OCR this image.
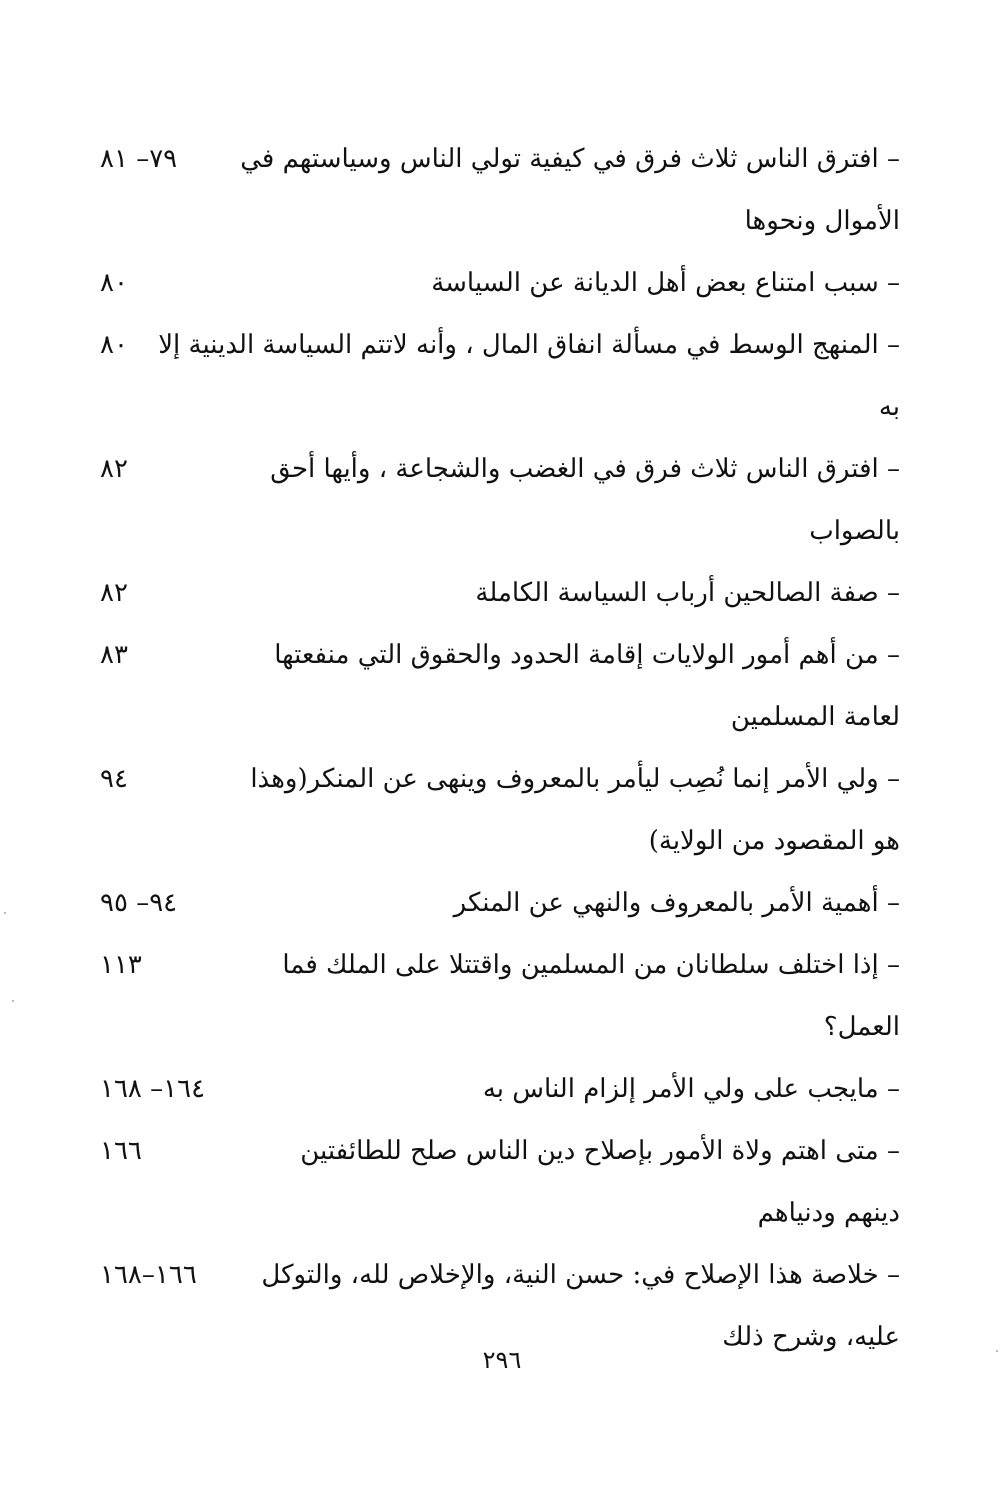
– افترق الناس ثلاث فرق في كيفية تولي الناس وسياستهم في الأموال ونحوها
٧٩– ٨١
– سبب امتناع بعض أهل الديانة عن السياسة
٨٠
– المنهج الوسط في مسألة انفاق المال ، وأنه لاتتم السياسة الدينية إلا به
٨٠
– افترق الناس ثلاث فرق في الغضب والشجاعة ، وأيها أحق بالصواب
٨٢
– صفة الصالحين أرباب السياسة الكاملة
٨٢
– من أهم أمور الولايات إقامة الحدود والحقوق التي منفعتها لعامة المسلمين
٨٣
– ولي الأمر إنما نُصِب ليأمر بالمعروف وينهى عن المنكر(وهذا هو المقصود من الولاية)
٩٤
– أهمية الأمر بالمعروف والنهي عن المنكر
٩٤– ٩٥
– إذا اختلف سلطانان من المسلمين واقتتلا على الملك فما العمل؟
١١٣
– مايجب على ولي الأمر إلزام الناس به
١٦٤– ١٦٨
– متى اهتم ولاة الأمور بإصلاح دين الناس صلح للطائفتين دينهم ودنياهم
١٦٦
– خلاصة هذا الإصلاح في: حسن النية، والإخلاص لله، والتوكل عليه، وشرح ذلك
١٦٦–١٦٨
٢٩٦
